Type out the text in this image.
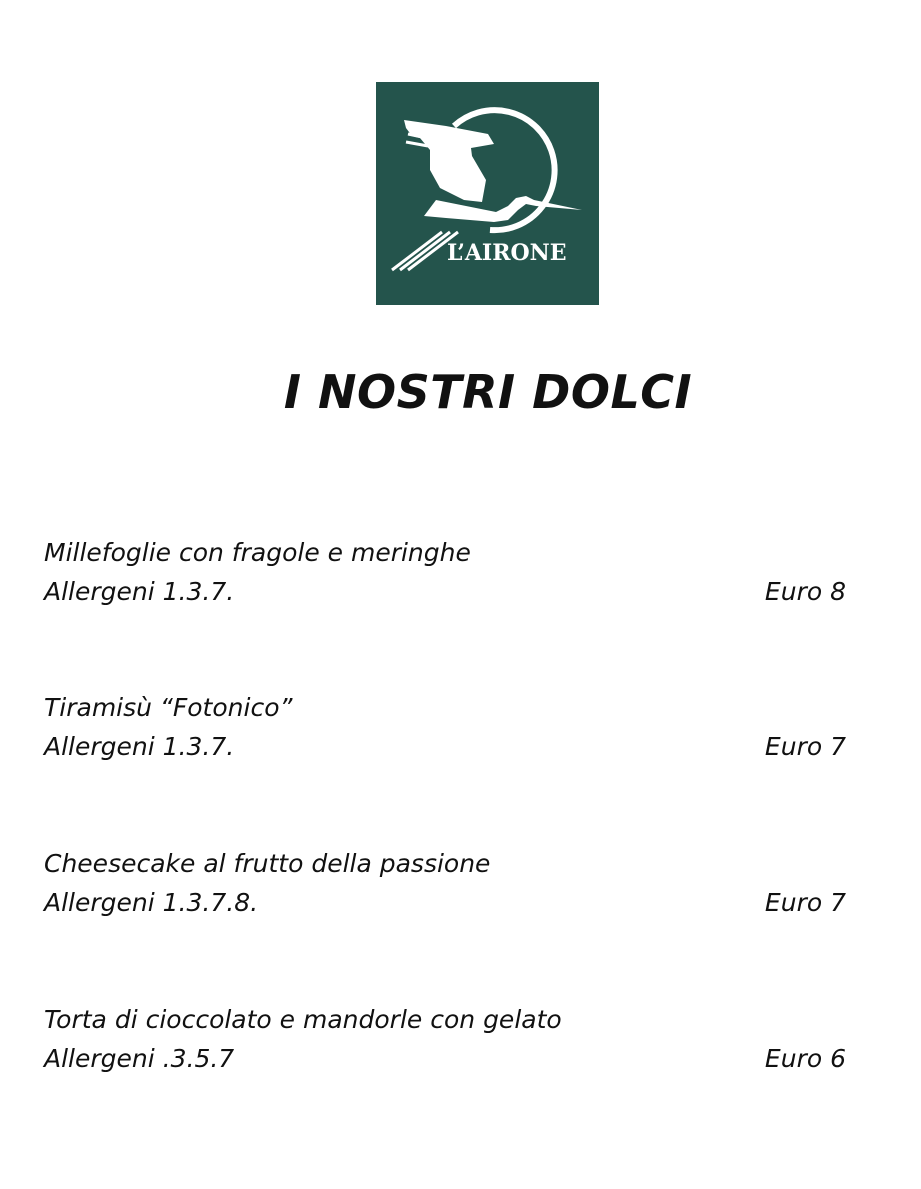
L’AIRONE
I NOSTRI DOLCI
Millefoglie con fragole e meringhe
Allergeni 1.3.7.	Euro 8
Tiramisù “Fotonico”
Allergeni 1.3.7.	Euro 7
Cheesecake al frutto della passione
Allergeni 1.3.7.8.	Euro 7
Torta di cioccolato e mandorle con gelato
Allergeni .3.5.7	Euro 6
